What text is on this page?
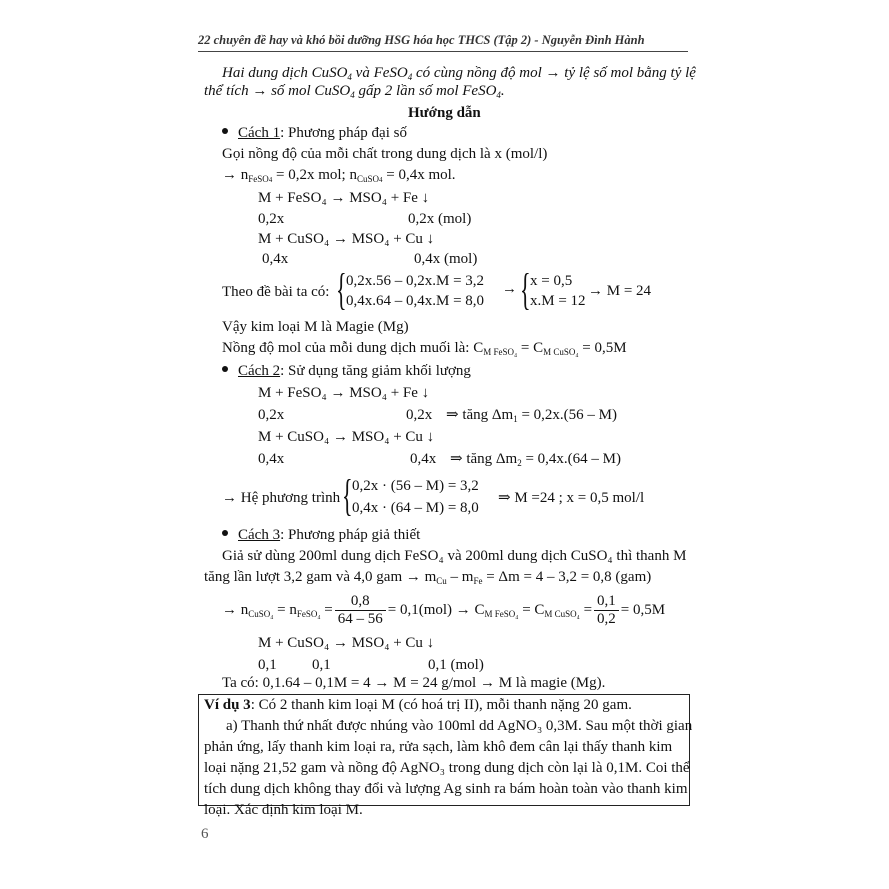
22 chuyên đề hay và khó bồi dưỡng HSG hóa học THCS (Tập 2) - Nguyễn Đình Hành
Hai dung dịch CuSO$_4$ và FeSO$_4$ có cùng nồng độ mol → tỷ lệ số mol bằng tỷ lệ
thể tích → số mol CuSO$_4$ gấp 2 lần số mol FeSO$_4$.
Hướng dẫn
Cách 1: Phương pháp đại số
Gọi nồng độ của mỗi chất trong dung dịch là x (mol/l)
→ $n_{FeSO4} = 0,2x$ mol; $n_{CuSO4} = 0,4x$ mol.
M + FeSO₄ → MSO₄ + Fe ↓
0,2x	0,2x (mol)
M + CuSO₄ → MSO₄ + Cu ↓
0,4x	0,4x (mol)
Theo đề bài ta có: { 0,2x.56 – 0,2x.M = 3,2
0,4x.64 – 0,4x.M = 8,0
→ { x = 0,5
x.M = 12
→ M = 24
Vậy kim loại M là Magie (Mg)
Nồng độ mol của mỗi dung dịch muối là: $C_{M FeSO_4} = C_{M CuSO_4} = 0,5M$
Cách 2: Sử dụng tăng giảm khối lượng
M + FeSO₄ → MSO₄ + Fe ↓
0,2x	0,2x ⇒ tăng $\Delta m_1 = 0,2x.(56 - M)$
M + CuSO₄ → MSO₄ + Cu ↓
0,4x	0,4x ⇒ tăng $\Delta m_2 = 0,4x.(64 - M)$
→ Hệ phương trình { 0,2x · (56 – M) = 3,2
0,4x · (64 – M) = 8,0
⇒ M =24 ; x = 0,5 mol/l
Cách 3: Phương pháp giả thiết
Giả sử dùng 200ml dung dịch FeSO₄ và 200ml dung dịch CuSO₄ thì thanh M
tăng lần lượt 3,2 gam và 4,0 gam → $m_{Cu} - m_{Fe} = \Delta m = 4 - 3,2 = 0,8$ (gam)
→ $n_{CuSO_4} = n_{FeSO_4} = \frac{0,8}{64 - 56} = 0,1(mol) \to C_{M FeSO_4} = C_{M CuSO_4} = \frac{0,1}{0,2} = 0,5M$
M + CuSO₄ → MSO₄ + Cu ↓
0,1 0,1	0,1 (mol)
Ta có: 0,1.64 – 0,1M = 4 → M = 24 g/mol → M là magie (Mg).
Ví dụ 3: Có 2 thanh kim loại M (có hoá trị II), mỗi thanh nặng 20 gam.
a) Thanh thứ nhất được nhúng vào 100ml dd AgNO₃ 0,3M. Sau một thời gian
phản ứng, lấy thanh kim loại ra, rửa sạch, làm khô đem cân lại thấy thanh kim
loại nặng 21,52 gam và nồng độ AgNO₃ trong dung dịch còn lại là 0,1M. Coi thể
tích dung dịch không thay đổi và lượng Ag sinh ra bám hoàn toàn vào thanh kim
loại. Xác định kim loại M.
6
